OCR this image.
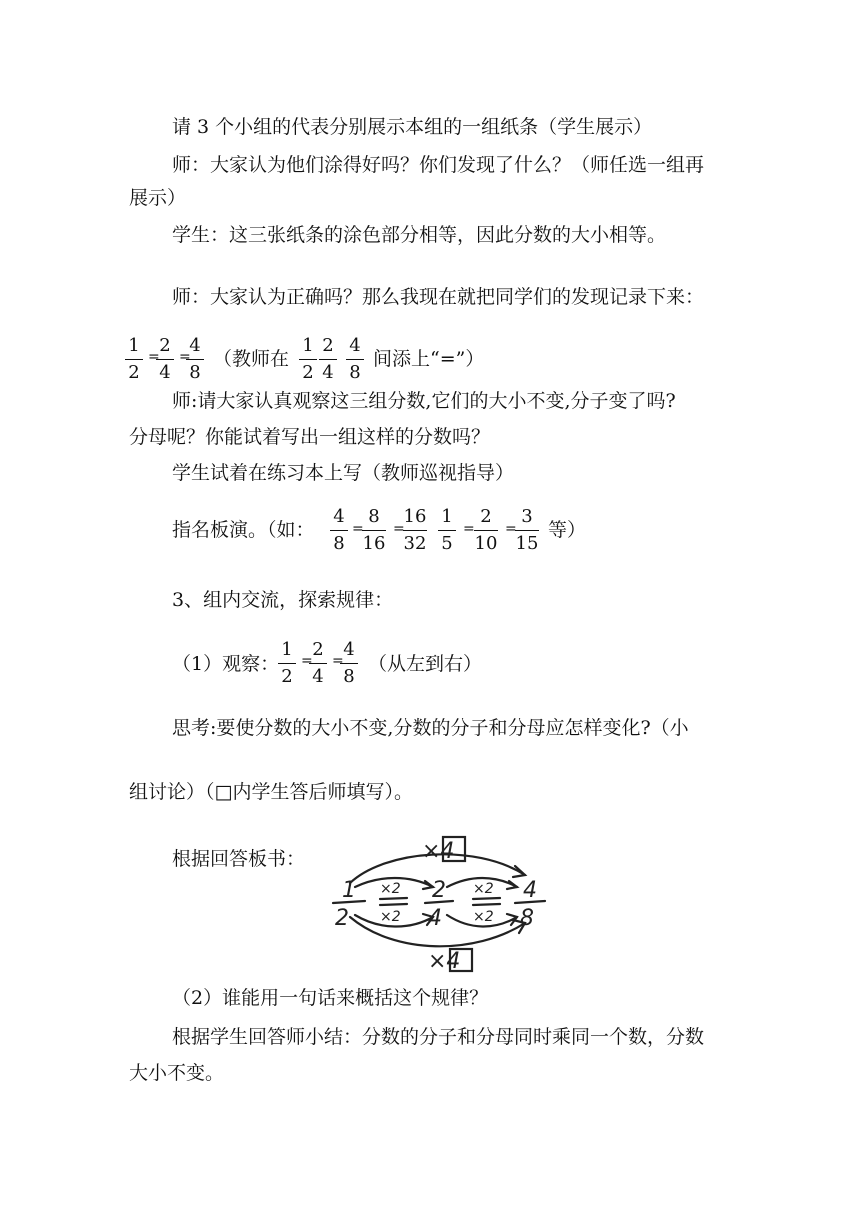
请 3 个小组的代表分别展示本组的一组纸条（学生展示）
师：大家认为他们涂得好吗？你们发现了什么？（师任选一组再
展示）
学生：这三张纸条的涂色部分相等，因此分数的大小相等。
师：大家认为正确吗？那么我现在就把同学们的发现记录下来：
1
2
=
2
4
=
4
8
（教师在
1
2
2
4
4
8
间添上“=”）
师:请大家认真观察这三组分数,它们的大小不变,分子变了吗?
分母呢？你能试着写出一组这样的分数吗？
学生试着在练习本上写（教师巡视指导）
指名板演。（如：
4
8
=
8
16
=
16
32
1
5
=
2
10
=
3
15
等）
3、组内交流，探索规律：
（1）观察：
1
2
=
2
4
=
4
8
（从左到右）
思考:要使分数的大小不变,分数的分子和分母应怎样变化?（小
组讨论）（□内学生答后师填写）。
根据回答板书：	×4
×4
1
2
2
4
4
8
×2
×2
×2
×2
（2）谁能用一句话来概括这个规律？
根据学生回答师小结：分数的分子和分母同时乘同一个数，分数
大小不变。
